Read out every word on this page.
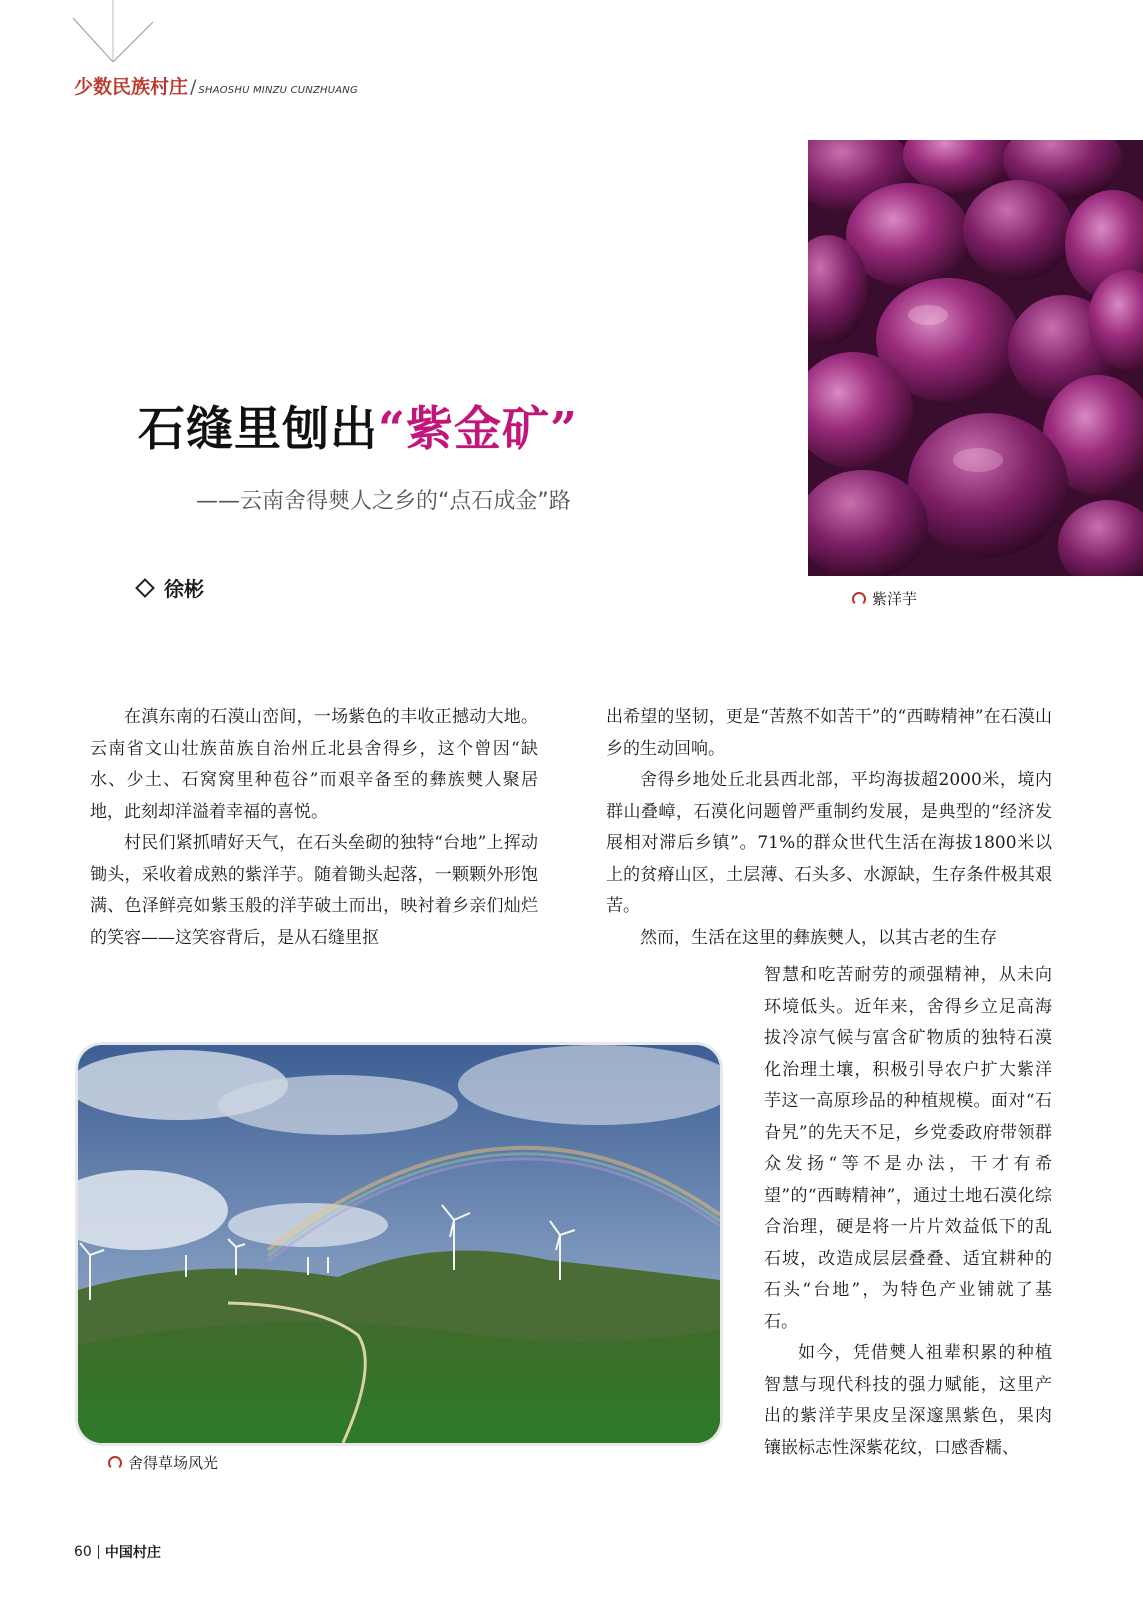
少数民族村庄 / SHAOSHU MINZU CUNZHUANG
紫洋芋
石缝里刨出“紫金矿”
——云南舍得僰人之乡的“点石成金”路
徐彬

在滇东南的石漠山峦间，一场紫色的丰收正撼动大地。云南省文山壮族苗族自治州丘北县舍得乡，这个曾因“缺水、少土、石窝窝里种苞谷”而艰辛备至的彝族僰人聚居地，此刻却洋溢着幸福的喜悦。

村民们紧抓晴好天气，在石头垒砌的独特“台地”上挥动锄头，采收着成熟的紫洋芋。随着锄头起落，一颗颗外形饱满、色泽鲜亮如紫玉般的洋芋破土而出，映衬着乡亲们灿烂的笑容——这笑容背后，是从石缝里抠

出希望的坚韧，更是“苦熬不如苦干”的“西畴精神”在石漠山乡的生动回响。

舍得乡地处丘北县西北部，平均海拔超2000米，境内群山叠嶂，石漠化问题曾严重制约发展，是典型的“经济发展相对滞后乡镇”。71%的群众世代生活在海拔1800米以上的贫瘠山区，土层薄、石头多、水源缺，生存条件极其艰苦。

然而，生活在这里的彝族僰人，以其古老的生存

智慧和吃苦耐劳的顽强精神，从未向环境低头。近年来，舍得乡立足高海拔冷凉气候与富含矿物质的独特石漠化治理土壤，积极引导农户扩大紫洋芋这一高原珍品的种植规模。面对“石旮旯”的先天不足，乡党委政府带领群众发扬“等不是办法，干才有希望”的“西畴精神”，通过土地石漠化综合治理，硬是将一片片效益低下的乱石坡，改造成层层叠叠、适宜耕种的石头“台地”，为特色产业铺就了基石。

如今，凭借僰人祖辈积累的种植智慧与现代科技的强力赋能，这里产出的紫洋芋果皮呈深邃黑紫色，果肉镶嵌标志性深紫花纹，口感香糯、

舍得草场风光
60 中国村庄
